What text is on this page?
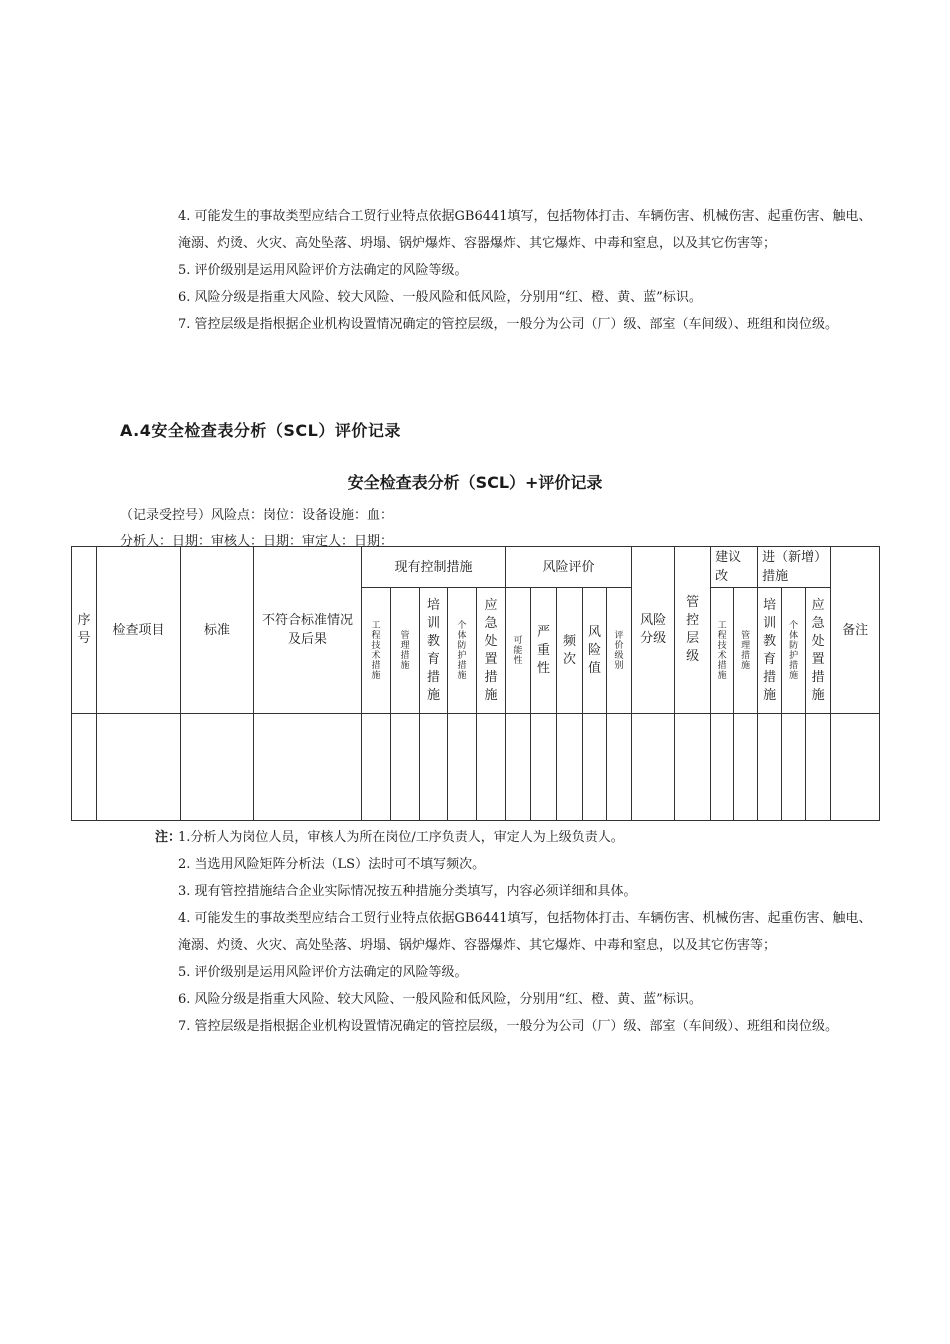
4. 可能发生的事故类型应结合工贸行业特点依据GB6441填写，包括物体打击、车辆伤害、机械伤害、起重伤害、触电、淹溺、灼烫、火灾、高处坠落、坍塌、锅炉爆炸、容器爆炸、其它爆炸、中毒和窒息，以及其它伤害等；

5. 评价级别是运用风险评价方法确定的风险等级。

6. 风险分级是指重大风险、较大风险、一般风险和低风险，分别用“红、橙、黄、蓝”标识。

7. 管控层级是指根据企业机构设置情况确定的管控层级，一般分为公司（厂）级、部室（车间级）、班组和岗位级。

A.4安全检查表分析（SCL）评价记录
安全检查表分析（SCL）+评价记录
（记录受控号）风险点：岗位：设备设施：血：
分析人：日期：审核人：日期：审定人：日期：
序号	检查项目	标准	不符合标准情况及后果	现有控制措施					风险评价					风险分级	管控层级	建议改		进（新增）措施			备注
				工程技术措施	管理措施	培训教育措施	个体防护措施	应急处置措施	可能性	严重性	频次	风险值	评价级别			工程技术措施	管理措施	培训教育措施	个体防护措施	应急处置措施	

注：

1.分析人为岗位人员，审核人为所在岗位/工序负责人，审定人为上级负责人。

2. 当选用风险矩阵分析法（LS）法时可不填写频次。

3. 现有管控措施结合企业实际情况按五种措施分类填写，内容必须详细和具体。

4. 可能发生的事故类型应结合工贸行业特点依据GB6441填写，包括物体打击、车辆伤害、机械伤害、起重伤害、触电、淹溺、灼烫、火灾、高处坠落、坍塌、锅炉爆炸、容器爆炸、其它爆炸、中毒和窒息，以及其它伤害等；

5. 评价级别是运用风险评价方法确定的风险等级。

6. 风险分级是指重大风险、较大风险、一般风险和低风险，分别用“红、橙、黄、蓝”标识。

7. 管控层级是指根据企业机构设置情况确定的管控层级，一般分为公司（厂）级、部室（车间级）、班组和岗位级。
